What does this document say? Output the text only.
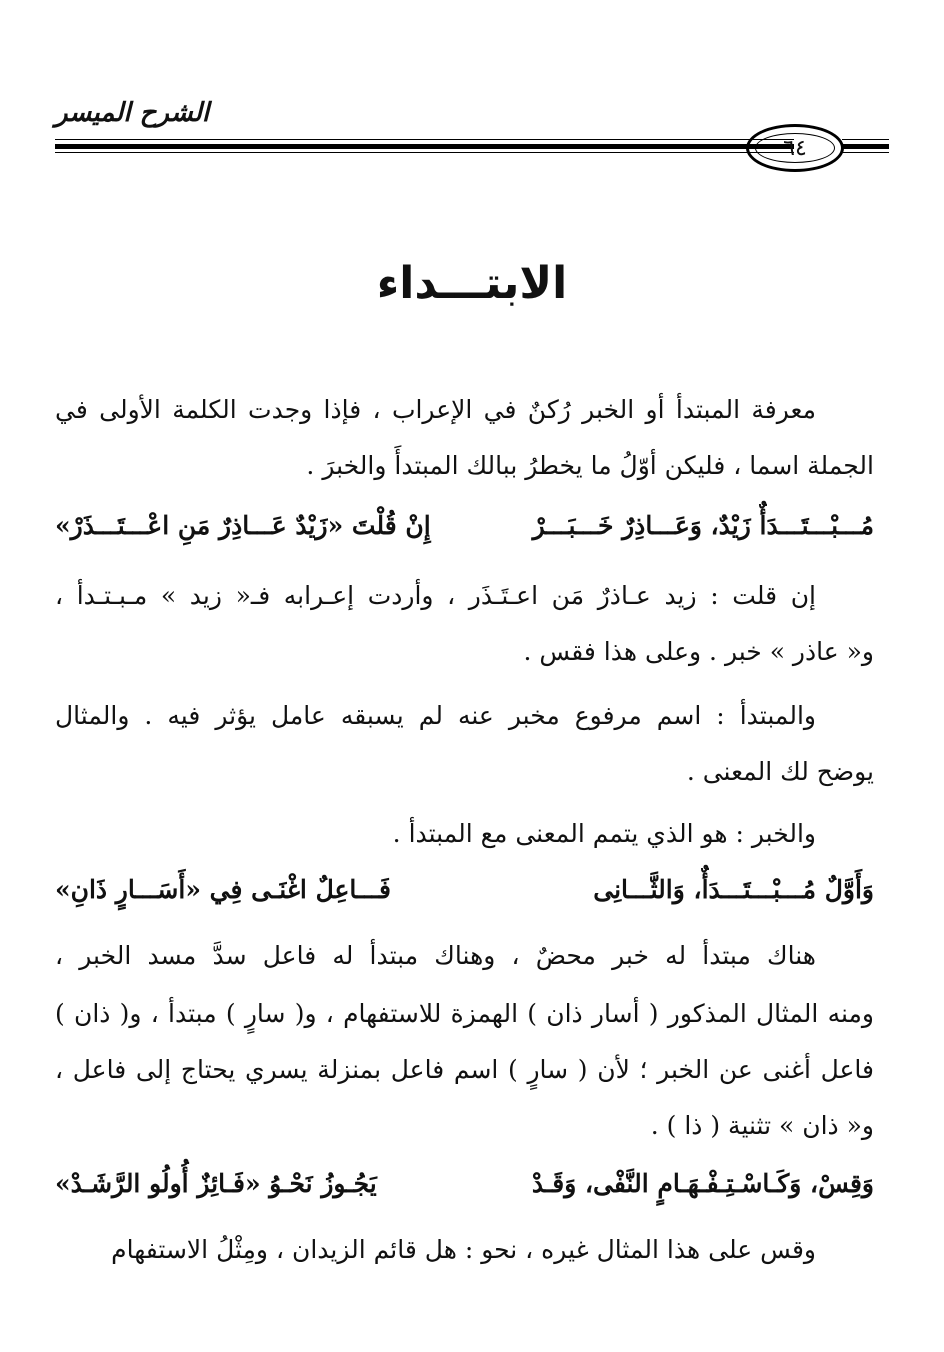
الشرح الميسر
٦٤
الابتـــداء
معرفة المبتدأ أو الخبر رُكنٌ في الإعراب ، فإذا وجدت الكلمة الأولى في
الجملة اسما ، فليكن أوّلُ ما يخطرُ ببالك المبتدأَ والخبرَ .
مُـــبْـــتَـــدَأٌ زَيْدٌ، وَعَـــاذِرٌ خَـــبَـــرْ
إِنْ قُلْتَ «زَيْدٌ عَـــاذِرٌ مَنِ اعْـــتَـــذَرْ»
إن قلت : زيد عـاذرٌ مَن اعـتَـذَر ، وأردت إعـرابه فـ« زيد » مـبـتـدأ ،
و« عاذر » خبر . وعلى هذا فقس .
والمبتدأ : اسم مرفوع مخبر عنه لم يسبقه عامل يؤثر فيه . والمثال
يوضح لك المعنى .
والخبر : هو الذي يتمم المعنى مع المبتدأ .
وَأَوَّلٌ مُـــبْـــتَـــدَأٌ، وَالثَّـــانِى
فَـــاعِلٌ اغْنَـى فِي «أَسَـــارٍ ذَانِ»
هناك مبتدأ له خبر محضٌ ، وهناك مبتدأ له فاعل سدَّ مسد الخبر ،
ومنه المثال المذكور ( أسار ذان ) الهمزة للاستفهام ، و( سارٍ ) مبتدأ ، و( ذان )
فاعل أغنى عن الخبر ؛ لأن ( سارٍ ) اسم فاعل بمنزلة يسري يحتاج إلى فاعل ،
و« ذان » تثنية ( ذا ) .
وَقِسْ، وَكَـاسْـتِـفْـهَـامٍ النَّفْى، وَقَـدْ
يَجُـوزُ نَحْـوُ «فَـائِزٌ أُولُو الرَّشَـدْ»
وقس على هذا المثال غيره ، نحو : هل قائم الزيدان ، ومِثْلُ الاستفهام
